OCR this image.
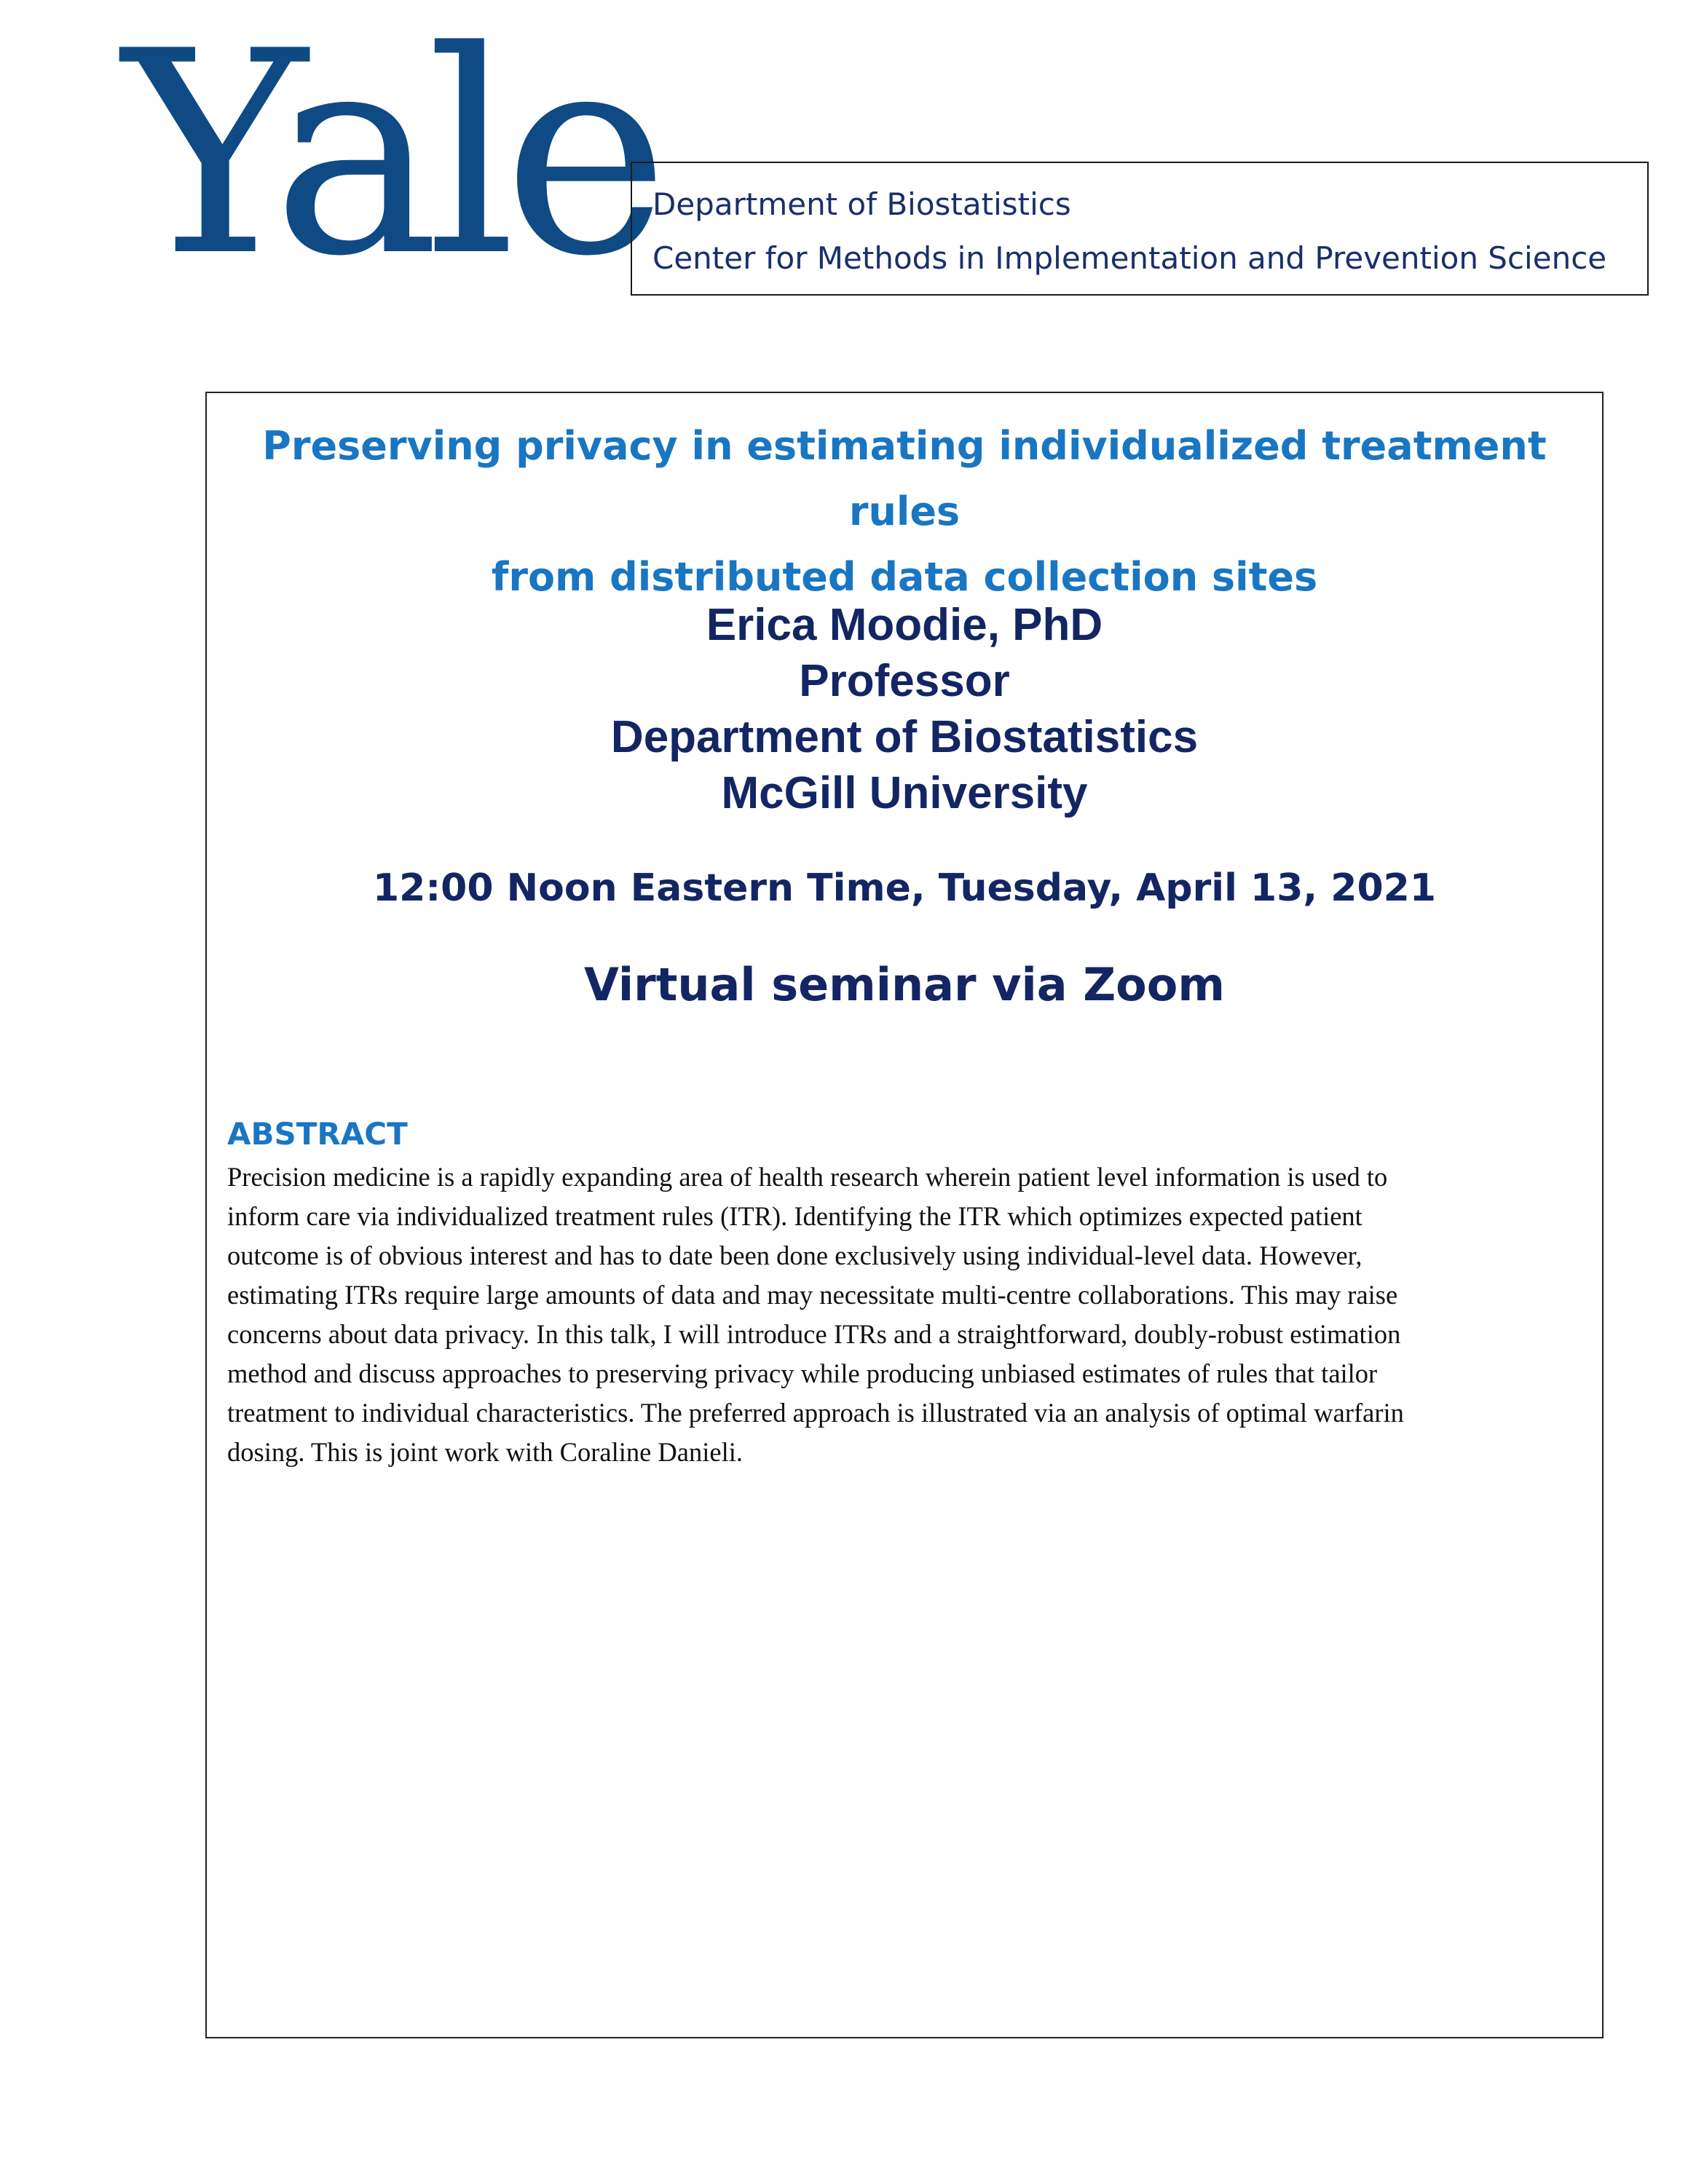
Yale
Department of Biostatistics
Center for Methods in Implementation and Prevention Science
Preserving privacy in estimating individualized treatment rules
from distributed data collection sites
Erica Moodie, PhD
Professor
Department of Biostatistics
McGill University
12:00 Noon Eastern Time, Tuesday, April 13, 2021
Virtual seminar via Zoom
ABSTRACT
Precision medicine is a rapidly expanding area of health research wherein patient level information is used to
inform care via individualized treatment rules (ITR). Identifying the ITR which optimizes expected patient
outcome is of obvious interest and has to date been done exclusively using individual-level data. However,
estimating ITRs require large amounts of data and may necessitate multi-centre collaborations. This may raise
concerns about data privacy. In this talk, I will introduce ITRs and a straightforward, doubly-robust estimation
method and discuss approaches to preserving privacy while producing unbiased estimates of rules that tailor
treatment to individual characteristics. The preferred approach is illustrated via an analysis of optimal warfarin
dosing. This is joint work with Coraline Danieli.
